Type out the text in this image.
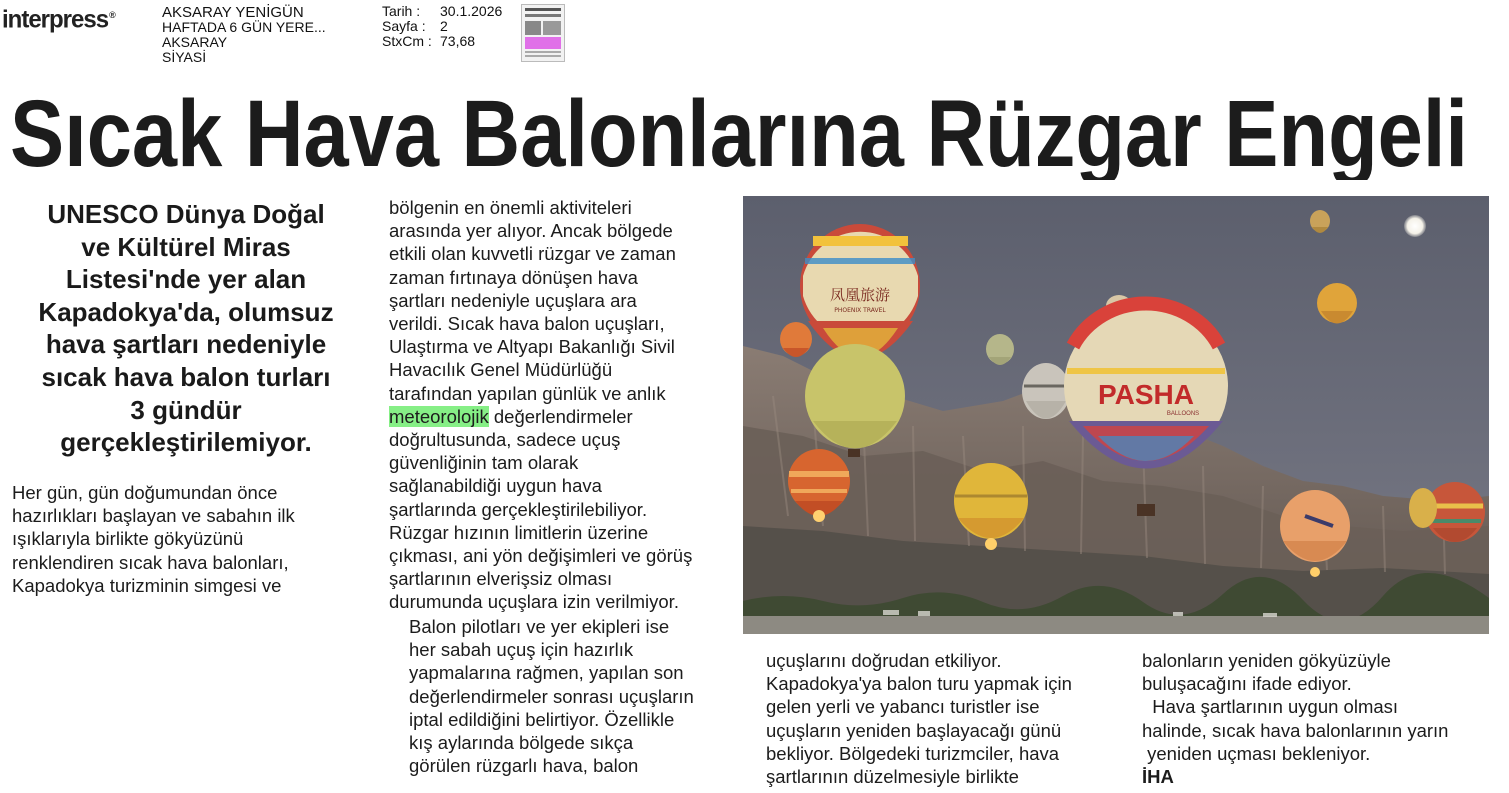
interpress®	AKSARAY YENİGÜN
HAFTADA 6 GÜN YERE...
AKSARAY
SİYASİ
Tarih :	30.1.2026
Sayfa :	2
StxCm : 73,68
Sıcak Hava Balonlarına Rüzgar Engeli
UNESCO Dünya Doğal
ve Kültürel Miras
Listesi'nde yer alan
Kapadokya'da, olumsuz
hava şartları nedeniyle
sıcak hava balon turları
3 gündür
gerçekleştirilemiyor.
Her gün, gün doğumundan önce
hazırlıkları başlayan ve sabahın ilk
ışıklarıyla birlikte gökyüzünü
renklendiren sıcak hava balonları,
Kapadokya turizminin simgesi ve
bölgenin en önemli aktiviteleri
arasında yer alıyor. Ancak bölgede
etkili olan kuvvetli rüzgar ve zaman
zaman fırtınaya dönüşen hava
şartları nedeniyle uçuşlara ara
verildi. Sıcak hava balon uçuşları,
Ulaştırma ve Altyapı Bakanlığı Sivil
Havacılık Genel Müdürlüğü
tarafından yapılan günlük ve anlık
meteorolojik değerlendirmeler
doğrultusunda, sadece uçuş
güvenliğinin tam olarak
sağlanabildiği uygun hava
şartlarında gerçekleştirilebiliyor.
Rüzgar hızının limitlerin üzerine
çıkması, ani yön değişimleri ve görüş
şartlarının elverişsiz olması
durumunda uçuşlara izin verilmiyor.
Balon pilotları ve yer ekipleri ise
her sabah uçuş için hazırlık
yapmalarına rağmen, yapılan son
değerlendirmeler sonrası uçuşların
iptal edildiğini belirtiyor. Özellikle
kış aylarında bölgede sıkça
görülen rüzgarlı hava, balon
凤凰旅游
PHOENIX TRAVEL
PASHA
BALLOONS
uçuşlarını doğrudan etkiliyor.
Kapadokya'ya balon turu yapmak için
gelen yerli ve yabancı turistler ise
uçuşların yeniden başlayacağı günü
bekliyor. Bölgedeki turizmciler, hava
şartlarının düzelmesiyle birlikte
balonların yeniden gökyüzüyle
buluşacağını ifade ediyor.
Hava şartlarının uygun olması
halinde, sıcak hava balonlarının yarın
yeniden uçması bekleniyor.
İHA
